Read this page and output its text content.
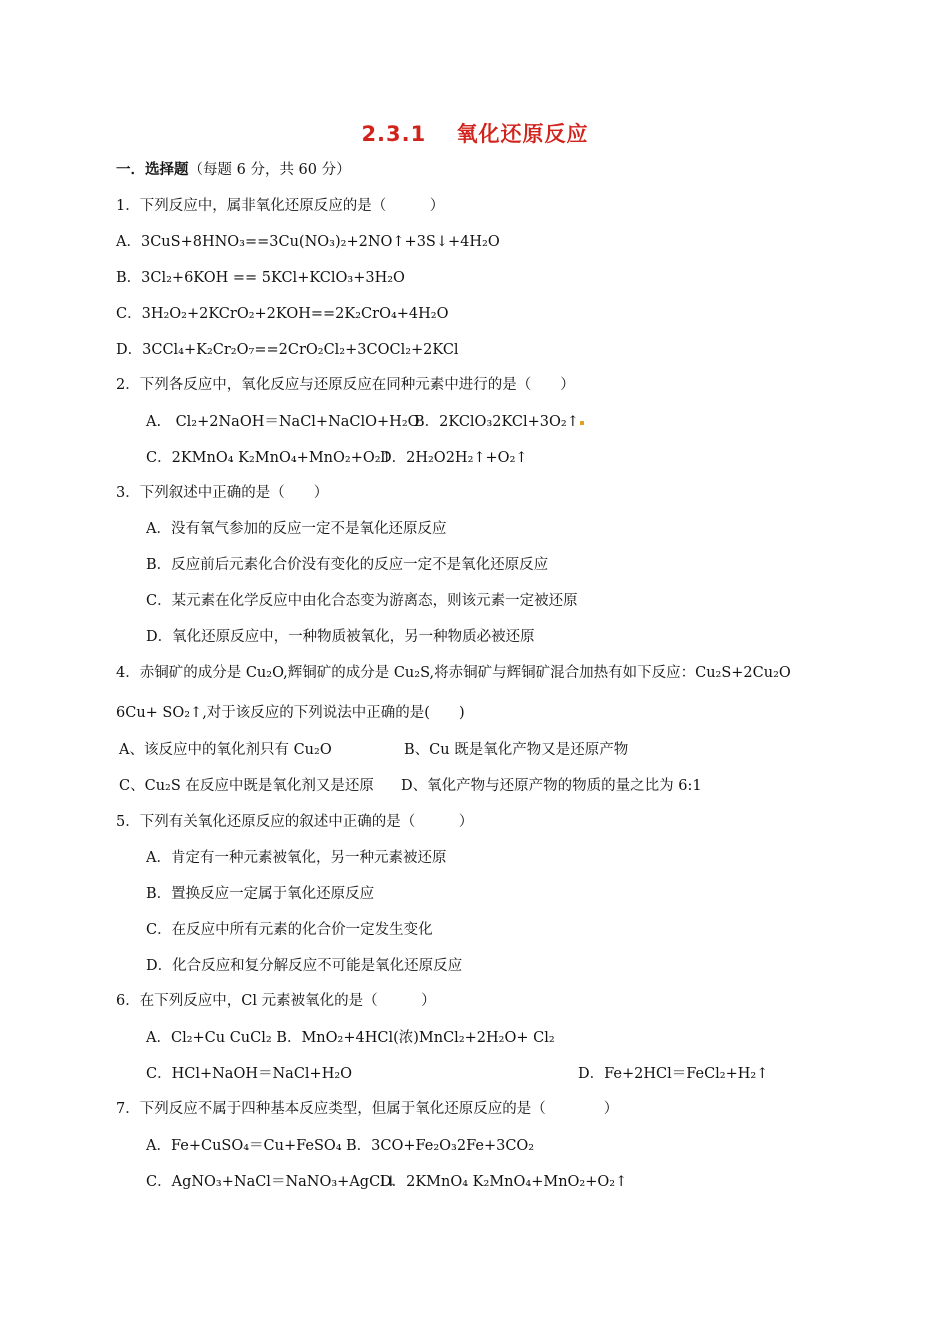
2.3.1　 氧化还原反应
一．选择题（每题 6 分，共 60 分）
1．下列反应中，属非氧化还原反应的是（　　　）
A．3CuS+8HNO₃==3Cu(NO₃)₂+2NO↑+3S↓+4H₂O
B．3Cl₂+6KOH == 5KCl+KClO₃+3H₂O
C．3H₂O₂+2KCrO₂+2KOH==2K₂CrO₄+4H₂O
D．3CCl₄+K₂Cr₂O₇==2CrO₂Cl₂+3COCl₂+2KCl
2．下列各反应中，氧化反应与还原反应在同种元素中进行的是（　　）
A.　Cl₂+2NaOH＝NaCl+NaClO+H₂O
B．2KClO₃2KCl+3O₂↑
C．2KMnO₄ K₂MnO₄+MnO₂+O₂↑
D．2H₂O2H₂↑+O₂↑
3．下列叙述中正确的是（　　）
A．没有氧气参加的反应一定不是氧化还原反应
B．反应前后元素化合价没有变化的反应一定不是氧化还原反应
C．某元素在化学反应中由化合态变为游离态，则该元素一定被还原
D．氧化还原反应中，一种物质被氧化，另一种物质必被还原
4．赤铜矿的成分是 Cu₂O,辉铜矿的成分是 Cu₂S,将赤铜矿与辉铜矿混合加热有如下反应：Cu₂S+2Cu₂O
6Cu+ SO₂↑,对于该反应的下列说法中正确的是(　　)
A、该反应中的氧化剂只有 Cu₂O	B、Cu 既是氧化产物又是还原产物
C、Cu₂S 在反应中既是氧化剂又是还原 D、氧化产物与还原产物的物质的量之比为 6:1
5．下列有关氧化还原反应的叙述中正确的是（　　　）
A．肯定有一种元素被氧化，另一种元素被还原
B．置换反应一定属于氧化还原反应
C．在反应中所有元素的化合价一定发生变化
D．化合反应和复分解反应不可能是氧化还原反应
6．在下列反应中，Cl 元素被氧化的是（　　　）
A．Cl₂+Cu CuCl₂ B．MnO₂+4HCl(浓)MnCl₂+2H₂O+ Cl₂
C．HCl+NaOH＝NaCl+H₂O	D．Fe+2HCl＝FeCl₂+H₂↑
7．下列反应不属于四种基本反应类型，但属于氧化还原反应的是（　　　　）
A．Fe+CuSO₄＝Cu+FeSO₄ B．3CO+Fe₂O₃2Fe+3CO₂
C．AgNO₃+NaCl＝NaNO₃+AgCl↓
D．2KMnO₄ K₂MnO₄+MnO₂+O₂↑
